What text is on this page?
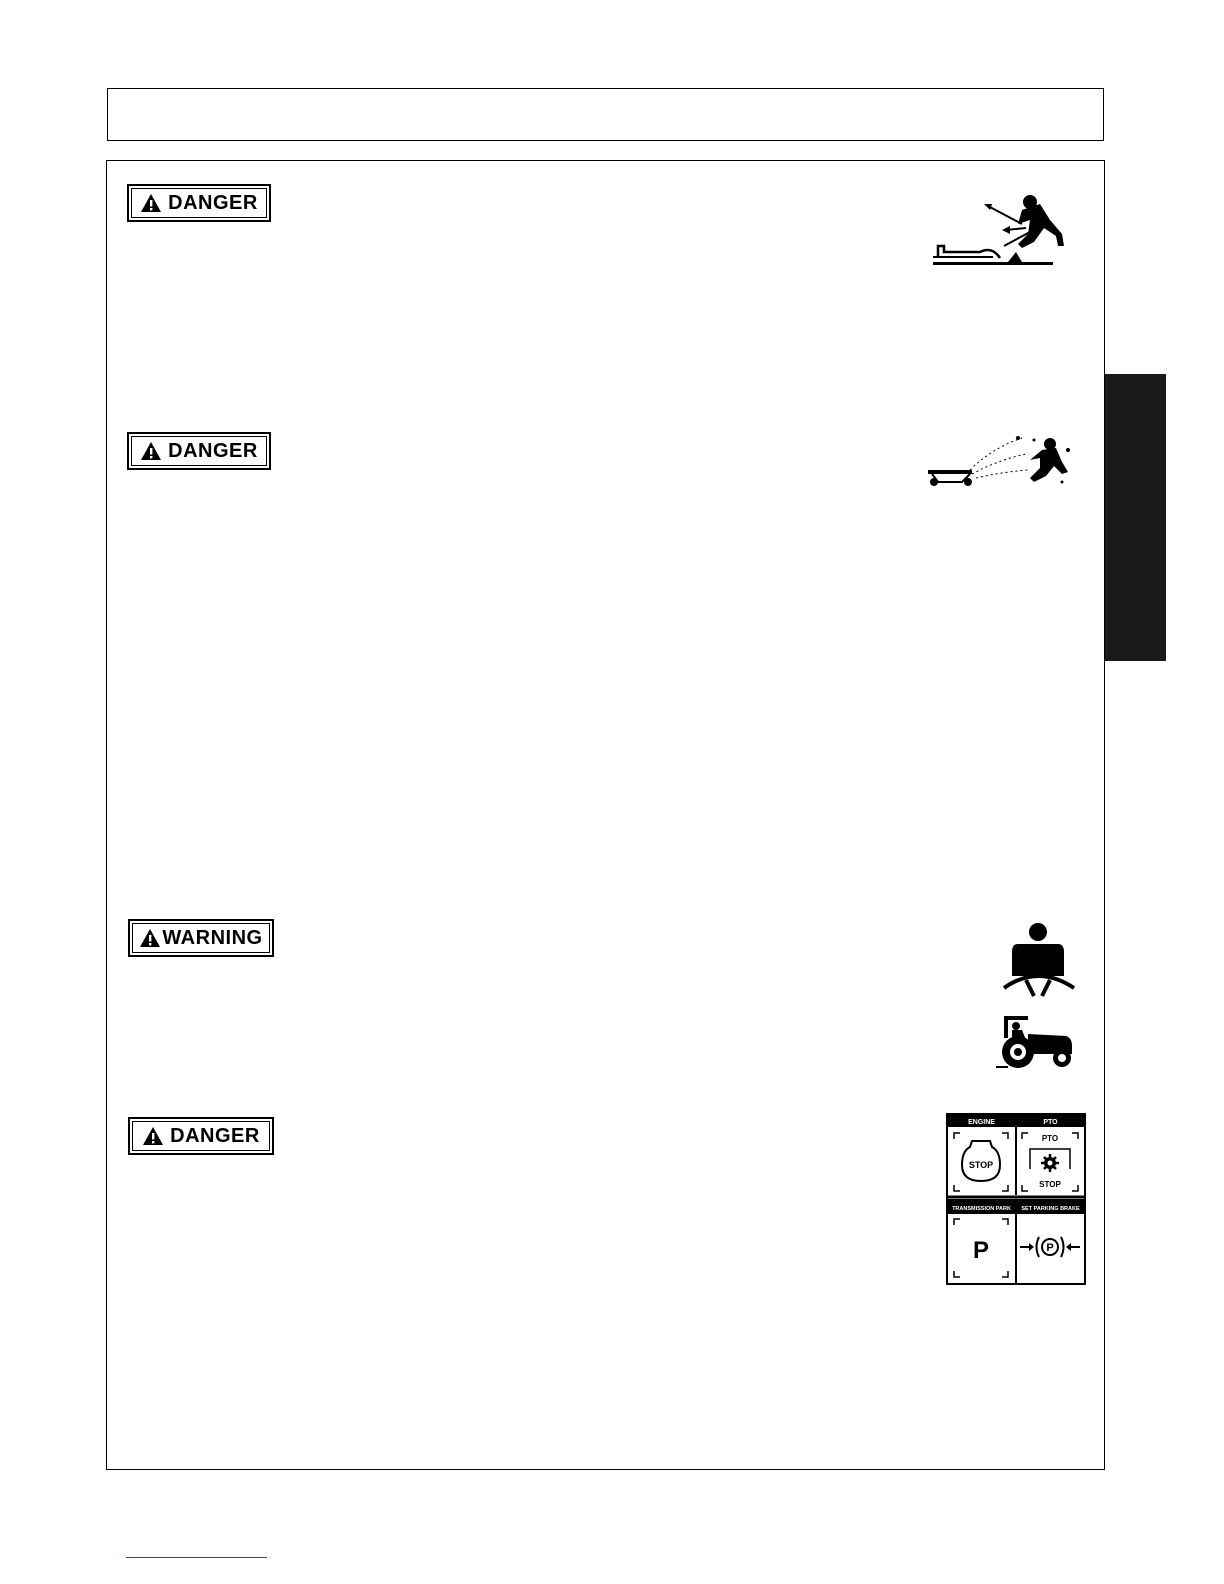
DANGER
DANGER
WARNING
DANGER
ENGINE
STOP
PTO
PTO
STOP
TRANSMISSION PARK
P
SET PARKING BRAKE
P
